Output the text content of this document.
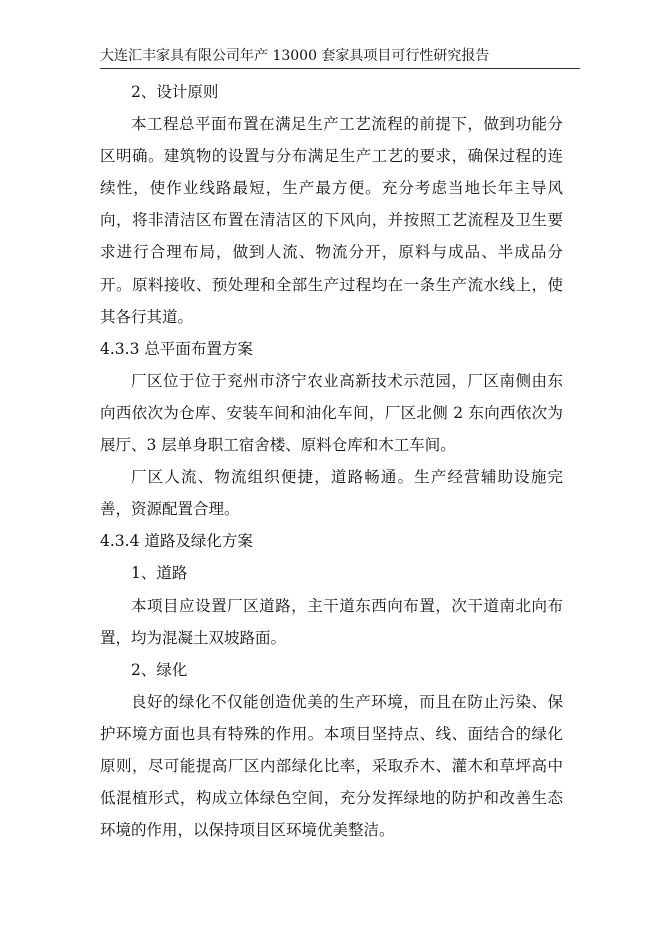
大连汇丰家具有限公司年产 13000 套家具项目可行性研究报告

2、设计原则

本工程总平面布置在满足生产工艺流程的前提下，做到功能分区明确。建筑物的设置与分布满足生产工艺的要求，确保过程的连续性，使作业线路最短，生产最方便。充分考虑当地长年主导风向，将非清洁区布置在清洁区的下风向，并按照工艺流程及卫生要求进行合理布局，做到人流、物流分开，原料与成品、半成品分开。原料接收、预处理和全部生产过程均在一条生产流水线上，使其各行其道。

4.3.3 总平面布置方案

厂区位于位于兖州市济宁农业高新技术示范园，厂区南侧由东向西依次为仓库、安装车间和油化车间，厂区北侧 2 东向西依次为展厅、3 层单身职工宿舍楼、原料仓库和木工车间。

厂区人流、物流组织便捷，道路畅通。生产经营辅助设施完善，资源配置合理。

4.3.4 道路及绿化方案

1、道路

本项目应设置厂区道路，主干道东西向布置，次干道南北向布置，均为混凝土双坡路面。

2、绿化

良好的绿化不仅能创造优美的生产环境，而且在防止污染、保护环境方面也具有特殊的作用。本项目坚持点、线、面结合的绿化原则，尽可能提高厂区内部绿化比率，采取乔木、灌木和草坪高中低混植形式，构成立体绿色空间，充分发挥绿地的防护和改善生态环境的作用，以保持项目区环境优美整洁。
